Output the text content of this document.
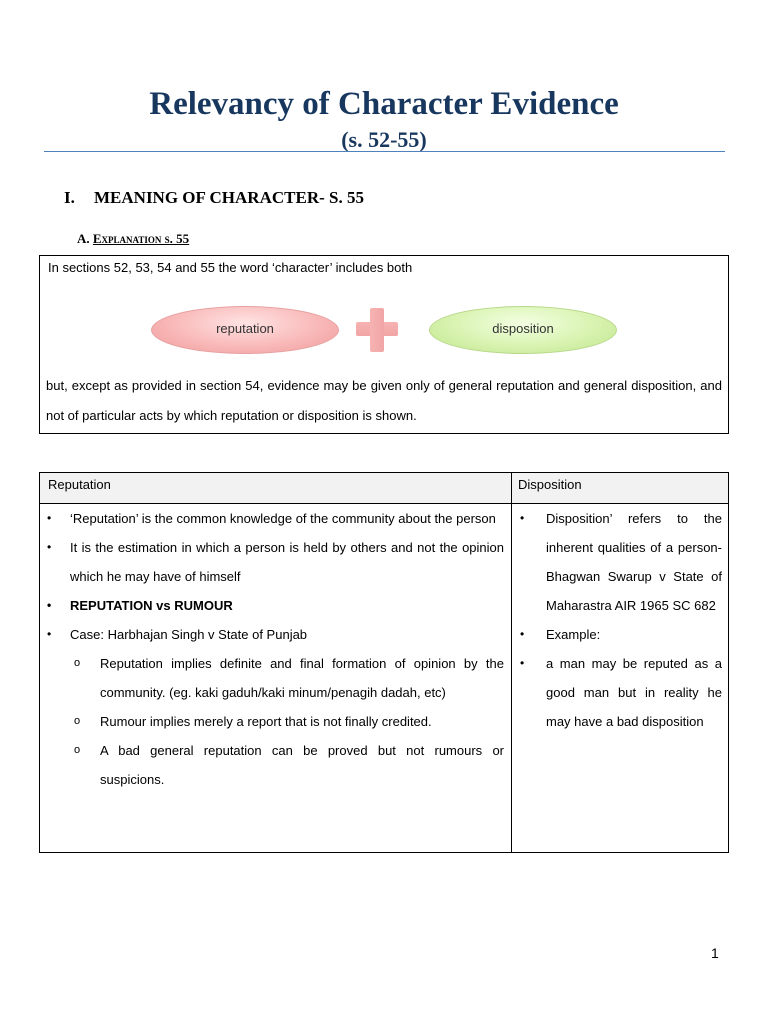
Relevancy of Character Evidence
(s. 52-55)
I. MEANING OF CHARACTER- S. 55
A. Explanation s. 55
In sections 52, 53, 54 and 55 the word ‘character’ includes both
reputation	disposition
but, except as provided in section 54, evidence may be given only of general reputation and general disposition, and not of particular acts by which reputation or disposition is shown.
Reputation	Disposition
• ‘Reputation’ is the common knowledge of the community about the person
• It is the estimation in which a person is held by others and not the opinion which he may have of himself
• REPUTATION vs RUMOUR
• Case: Harbhajan Singh v State of Punjab
o Reputation implies definite and final formation of opinion by the community. (eg. kaki gaduh/kaki minum/penagih dadah, etc)
o Rumour implies merely a report that is not finally credited.
o A bad general reputation can be proved but not rumours or suspicions.
• Disposition’ refers to the inherent qualities of a person- Bhagwan Swarup v State of Maharastra AIR 1965 SC 682
• Example:
• a man may be reputed as a good man but in reality he may have a bad disposition
1
